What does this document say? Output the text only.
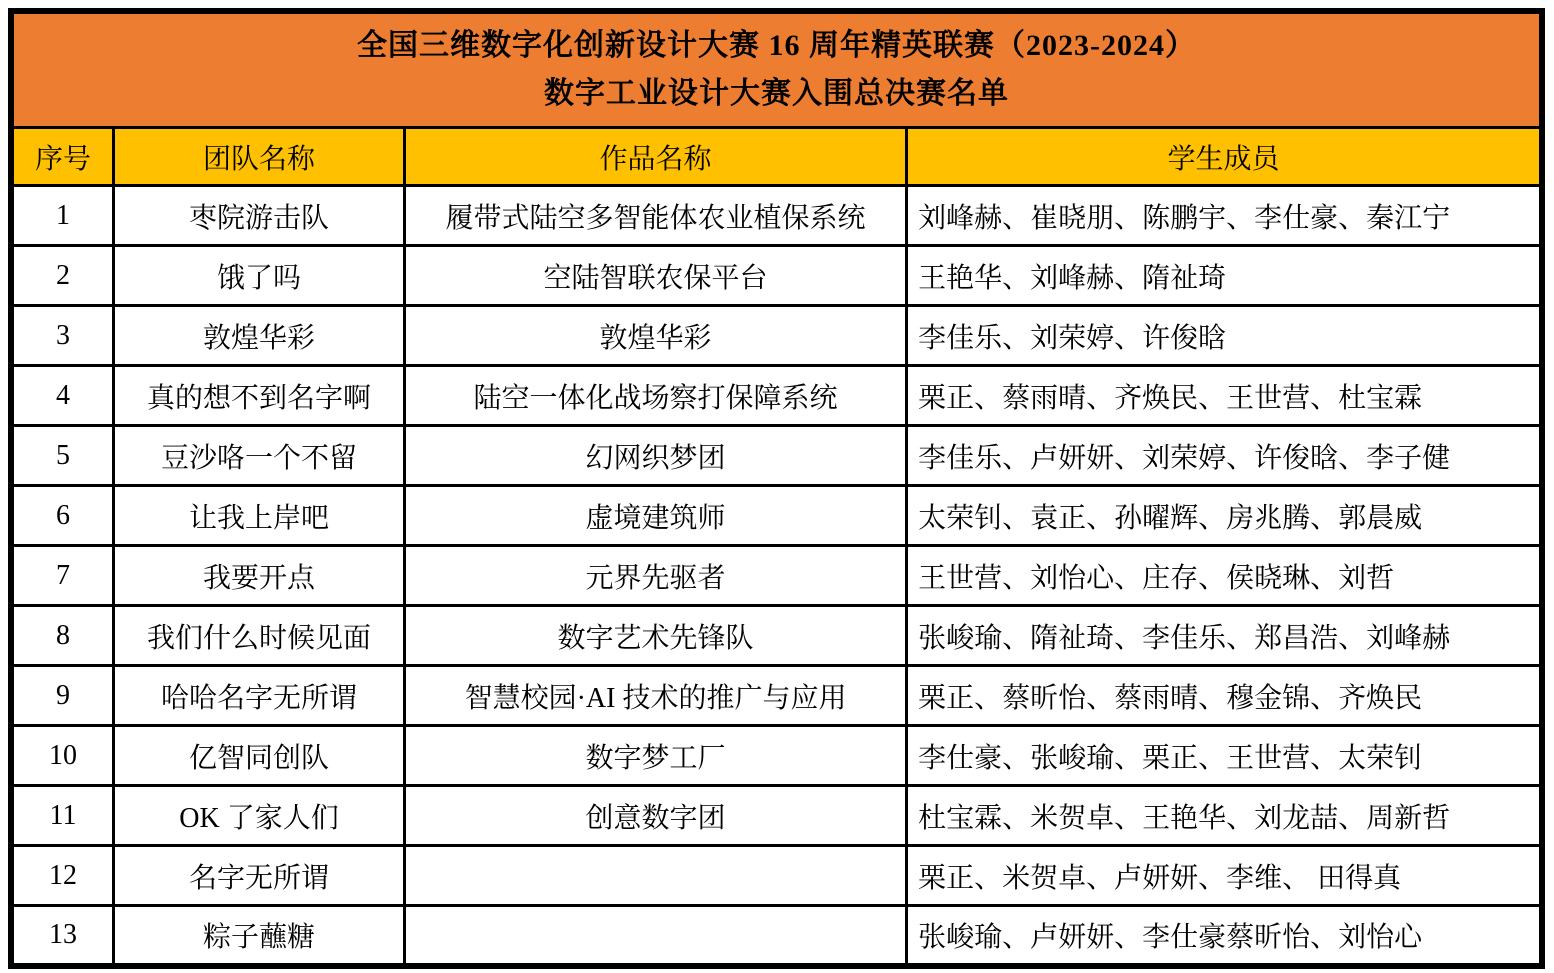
全国三维数字化创新设计大赛 16 周年精英联赛（2023-2024）
数字工业设计大赛入围总决赛名单			

序号	团队名称	作品名称	学生成员
1	枣院游击队	履带式陆空多智能体农业植保系统	刘峰赫、崔晓朋、陈鹏宇、李仕豪、秦江宁
2	饿了吗	空陆智联农保平台	王艳华、刘峰赫、隋祉琦
3	敦煌华彩	敦煌华彩	李佳乐、刘荣婷、许俊晗
4	真的想不到名字啊	陆空一体化战场察打保障系统	栗正、蔡雨晴、齐焕民、王世营、杜宝霖
5	豆沙咯一个不留	幻网织梦团	李佳乐、卢妍妍、刘荣婷、许俊晗、李子健
6	让我上岸吧	虚境建筑师	太荣钊、袁正、孙曜辉、房兆腾、郭晨威
7	我要开点	元界先驱者	王世营、刘怡心、庄存、侯晓琳、刘哲
8	我们什么时候见面	数字艺术先锋队	张峻瑜、隋祉琦、李佳乐、郑昌浩、刘峰赫
9	哈哈名字无所谓	智慧校园·AI 技术的推广与应用	栗正、蔡昕怡、蔡雨晴、穆金锦、齐焕民
10	亿智同创队	数字梦工厂	李仕豪、张峻瑜、栗正、王世营、太荣钊
11	OK 了家人们	创意数字团	杜宝霖、米贺卓、王艳华、刘龙喆、周新哲
12	名字无所谓		栗正、米贺卓、卢妍妍、李维、 田得真
13	粽子蘸糖		张峻瑜、卢妍妍、李仕豪蔡昕怡、刘怡心
